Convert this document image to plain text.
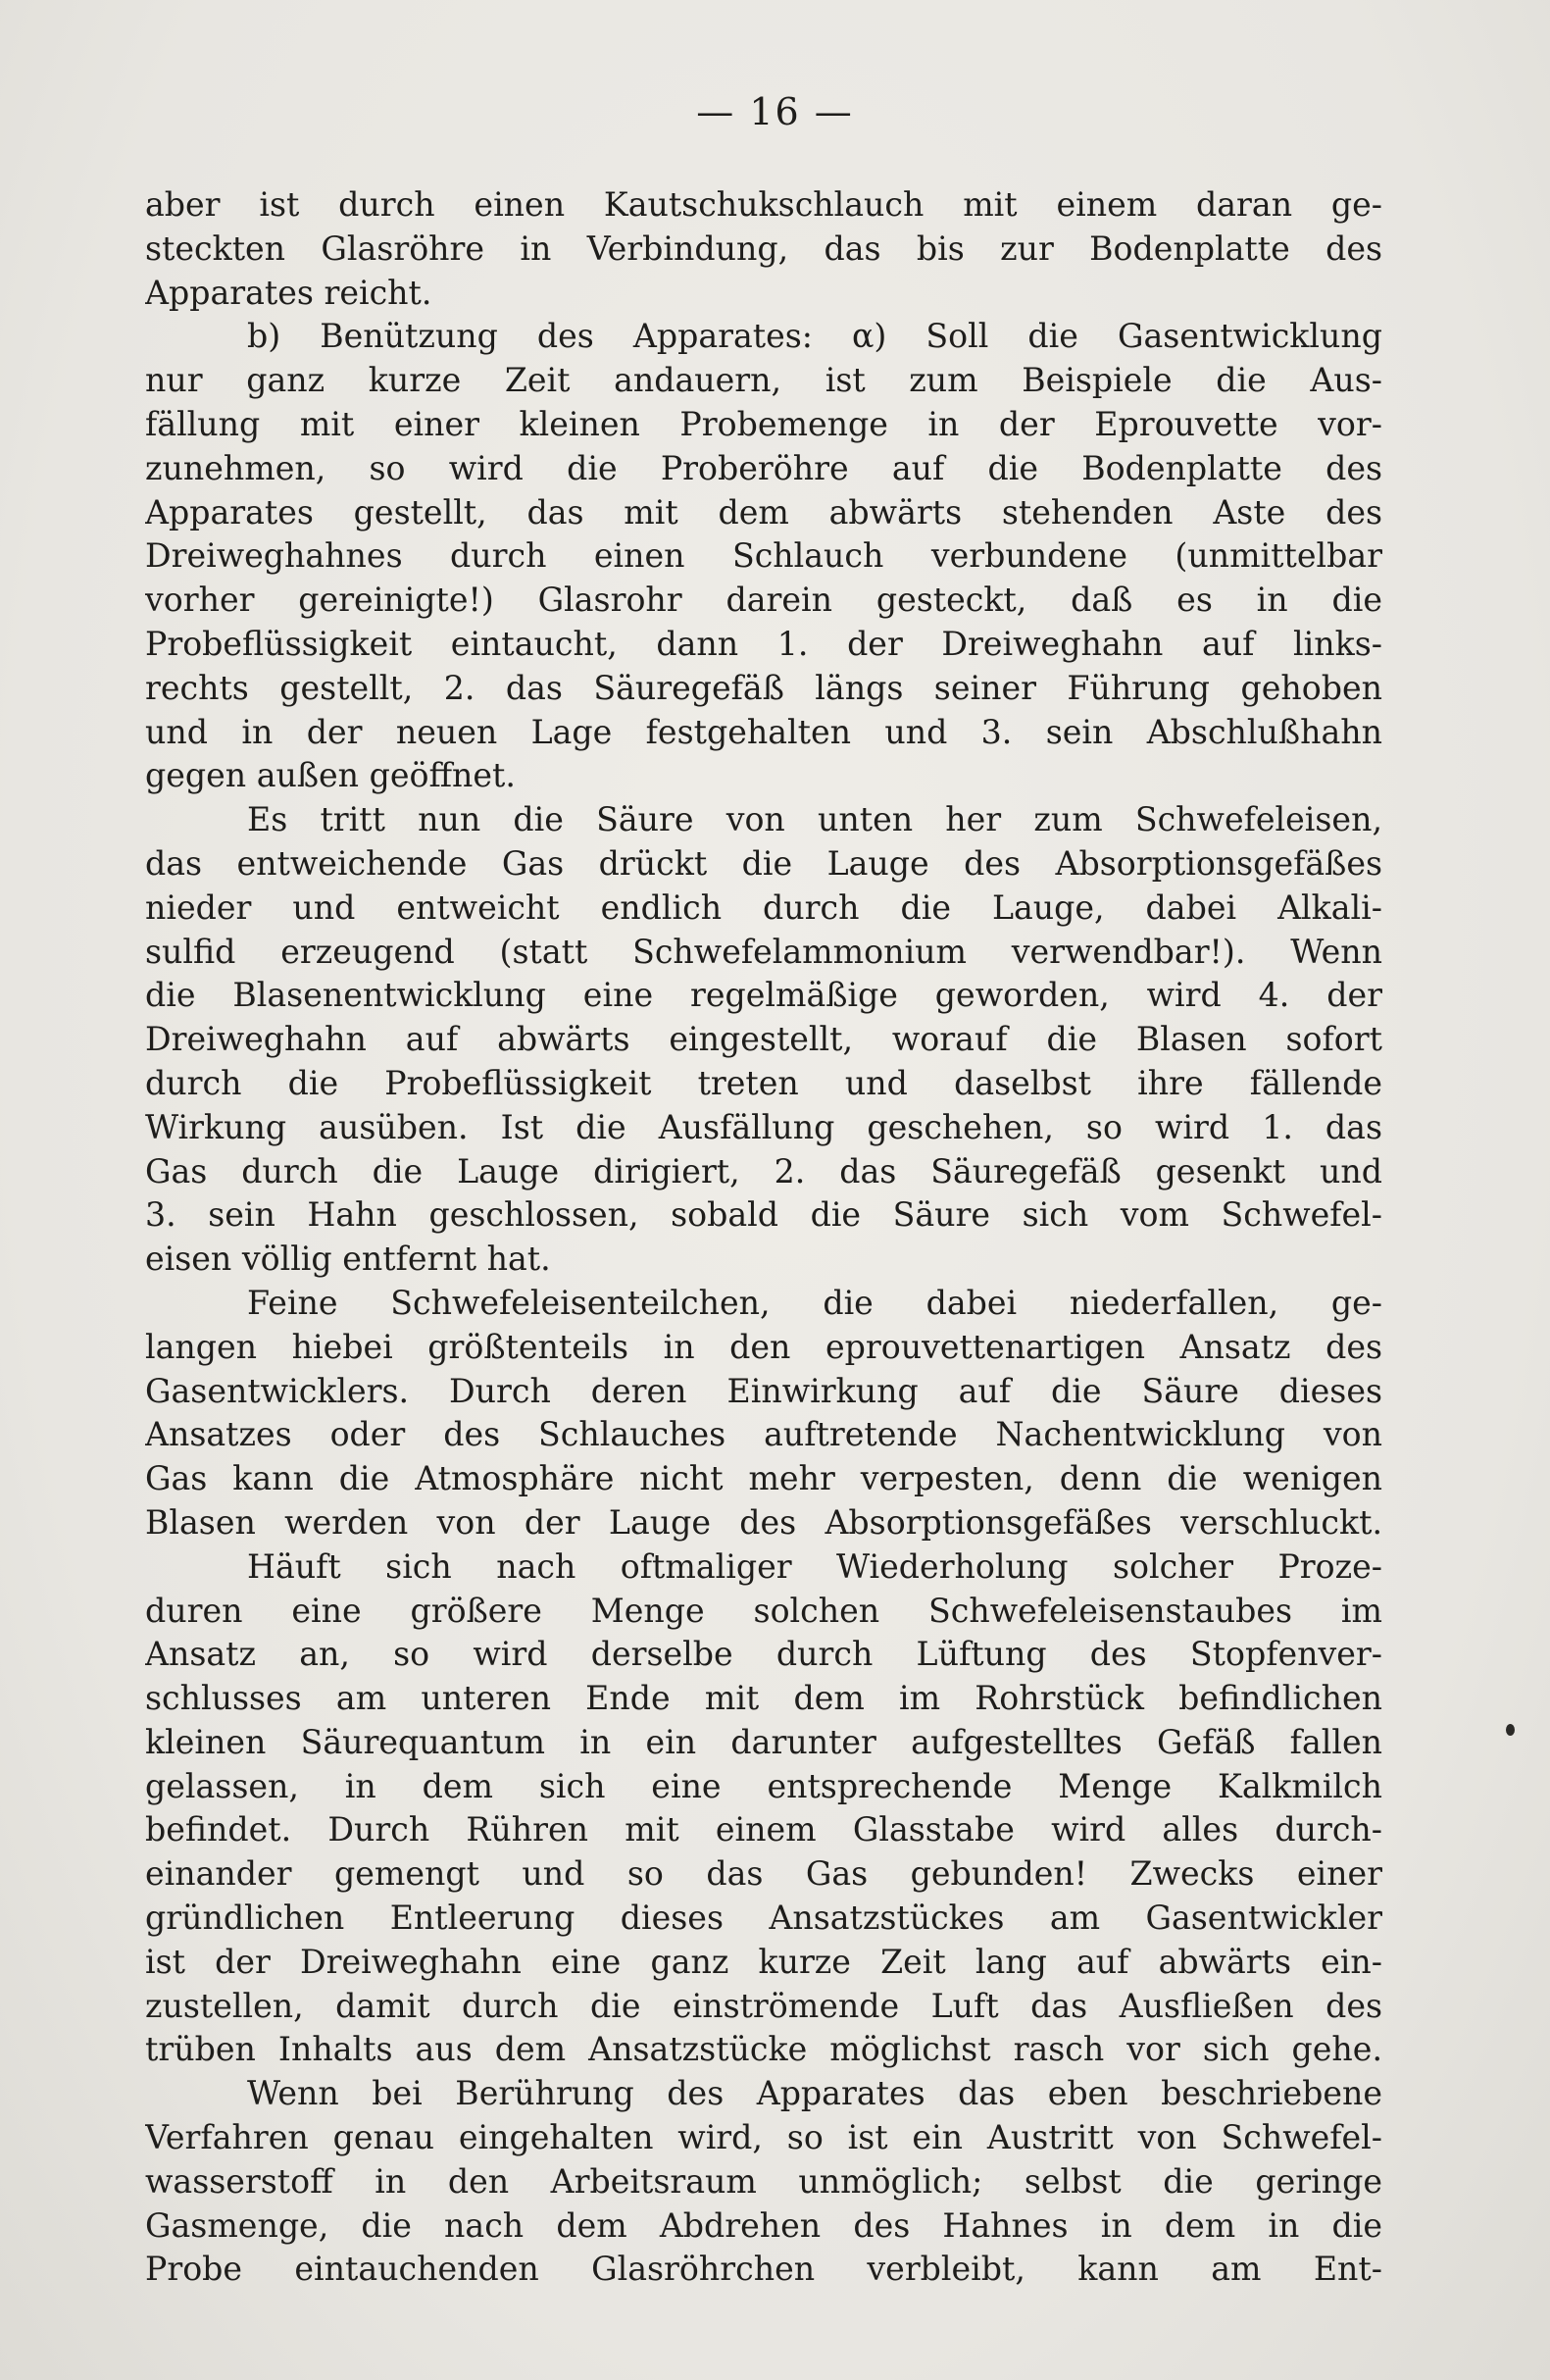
— 16 —
aber ist durch einen Kautschukschlauch mit einem daran ge-
steckten Glasröhre in Verbindung, das bis zur Bodenplatte des
Apparates reicht.
b) Benützung des Apparates: α) Soll die Gasentwicklung
nur ganz kurze Zeit andauern, ist zum Beispiele die Aus-
fällung mit einer kleinen Probemenge in der Eprouvette vor-
zunehmen, so wird die Proberöhre auf die Bodenplatte des
Apparates gestellt, das mit dem abwärts stehenden Aste des
Dreiweghahnes durch einen Schlauch verbundene (unmittelbar
vorher gereinigte!) Glasrohr darein gesteckt, daß es in die
Probeflüssigkeit eintaucht, dann 1. der Dreiweghahn auf links-
rechts gestellt, 2. das Säuregefäß längs seiner Führung gehoben
und in der neuen Lage festgehalten und 3. sein Abschlußhahn
gegen außen geöffnet.
Es tritt nun die Säure von unten her zum Schwefeleisen,
das entweichende Gas drückt die Lauge des Absorptionsgefäßes
nieder und entweicht endlich durch die Lauge, dabei Alkali-
sulfid erzeugend (statt Schwefelammonium verwendbar!). Wenn
die Blasenentwicklung eine regelmäßige geworden, wird 4. der
Dreiweghahn auf abwärts eingestellt, worauf die Blasen sofort
durch die Probeflüssigkeit treten und daselbst ihre fällende
Wirkung ausüben. Ist die Ausfällung geschehen, so wird 1. das
Gas durch die Lauge dirigiert, 2. das Säuregefäß gesenkt und
3. sein Hahn geschlossen, sobald die Säure sich vom Schwefel-
eisen völlig entfernt hat.
Feine Schwefeleisenteilchen, die dabei niederfallen, ge-
langen hiebei größtenteils in den eprouvettenartigen Ansatz des
Gasentwicklers. Durch deren Einwirkung auf die Säure dieses
Ansatzes oder des Schlauches auftretende Nachentwicklung von
Gas kann die Atmosphäre nicht mehr verpesten, denn die wenigen
Blasen werden von der Lauge des Absorptionsgefäßes verschluckt.
Häuft sich nach oftmaliger Wiederholung solcher Proze-
duren eine größere Menge solchen Schwefeleisenstaubes im
Ansatz an, so wird derselbe durch Lüftung des Stopfenver-
schlusses am unteren Ende mit dem im Rohrstück befindlichen
kleinen Säurequantum in ein darunter aufgestelltes Gefäß fallen
gelassen, in dem sich eine entsprechende Menge Kalkmilch
befindet. Durch Rühren mit einem Glasstabe wird alles durch-
einander gemengt und so das Gas gebunden! Zwecks einer
gründlichen Entleerung dieses Ansatzstückes am Gasentwickler
ist der Dreiweghahn eine ganz kurze Zeit lang auf abwärts ein-
zustellen, damit durch die einströmende Luft das Ausfließen des
trüben Inhalts aus dem Ansatzstücke möglichst rasch vor sich gehe.
Wenn bei Berührung des Apparates das eben beschriebene
Verfahren genau eingehalten wird, so ist ein Austritt von Schwefel-
wasserstoff in den Arbeitsraum unmöglich; selbst die geringe
Gasmenge, die nach dem Abdrehen des Hahnes in dem in die
Probe eintauchenden Glasröhrchen verbleibt, kann am Ent-
